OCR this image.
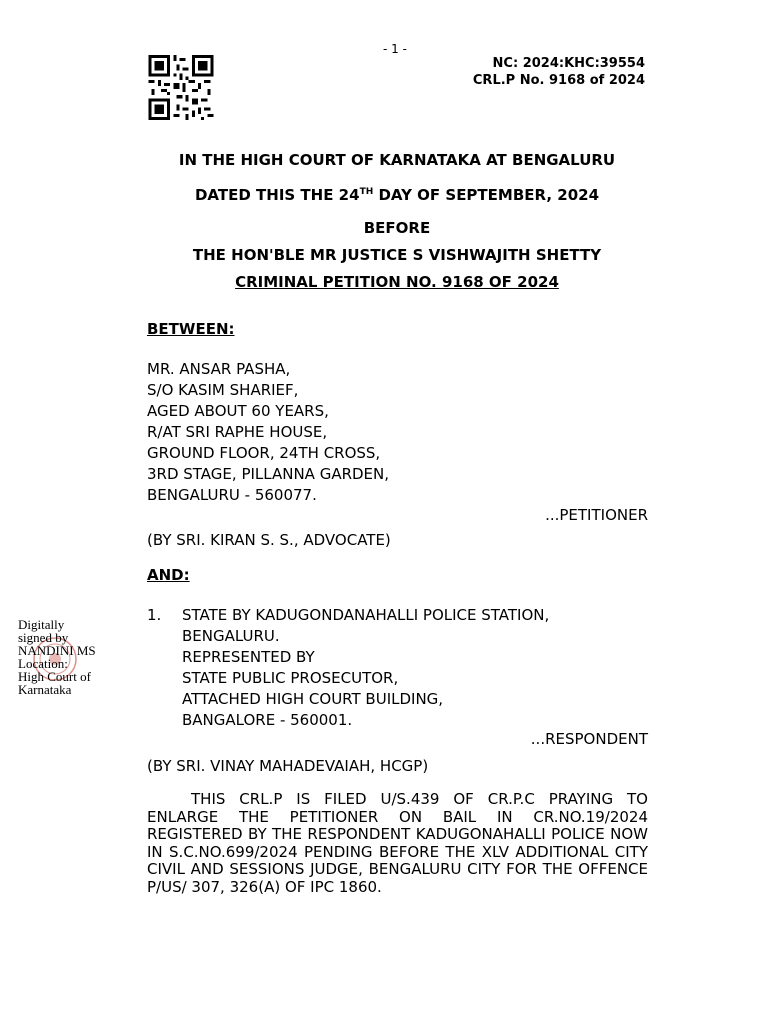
- 1 -
NC: 2024:KHC:39554
CRL.P No. 9168 of 2024
IN THE HIGH COURT OF KARNATAKA AT BENGALURU
DATED THIS THE 24TH DAY OF SEPTEMBER, 2024
BEFORE
THE HON'BLE MR JUSTICE S VISHWAJITH SHETTY
CRIMINAL PETITION NO. 9168 OF 2024
BETWEEN:
MR. ANSAR PASHA,
S/O KASIM SHARIEF,
AGED ABOUT 60 YEARS,
R/AT SRI RAPHE HOUSE,
GROUND FLOOR, 24TH CROSS,
3RD STAGE, PILLANNA GARDEN,
BENGALURU - 560077.
...PETITIONER
(BY SRI. KIRAN S. S., ADVOCATE)
AND:
1. STATE BY KADUGONDANAHALLI POLICE STATION,
BENGALURU.
REPRESENTED BY
STATE PUBLIC PROSECUTOR,
ATTACHED HIGH COURT BUILDING,
BANGALORE - 560001.
...RESPONDENT
(BY SRI. VINAY MAHADEVAIAH, HCGP)
THIS CRL.P IS FILED U/S.439 OF CR.P.C PRAYING TO ENLARGE THE PETITIONER ON BAIL IN CR.NO.19/2024 REGISTERED BY THE RESPONDENT KADUGONAHALLI POLICE NOW IN S.C.NO.699/2024 PENDING BEFORE THE XLV ADDITIONAL CITY CIVIL AND SESSIONS JUDGE, BENGALURU CITY FOR THE OFFENCE P/US/ 307, 326(A) OF IPC 1860.
Digitally
signed by
NANDINI MS
Location:
High Court of
Karnataka
